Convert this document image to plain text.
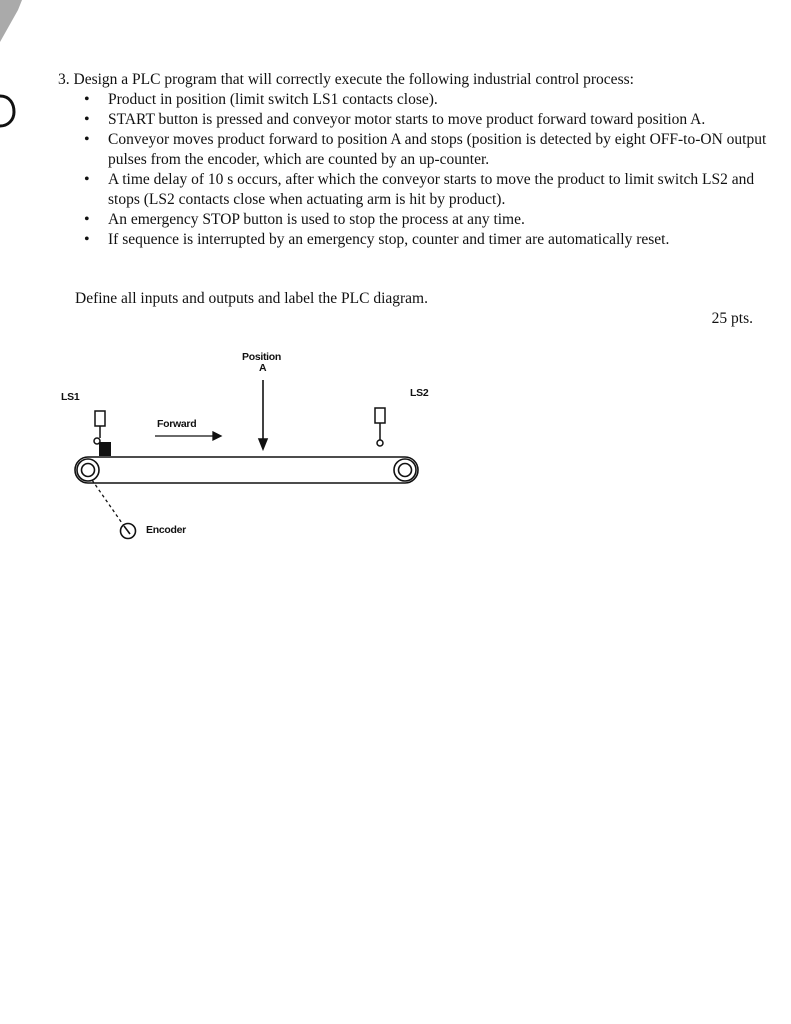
3. Design a PLC program that will correctly execute the following industrial control process:
• Product in position (limit switch LS1 contacts close).
• START button is pressed and conveyor motor starts to move product forward toward position A.
• Conveyor moves product forward to position A and stops (position is detected by eight OFF-to-ON output pulses from the encoder, which are counted by an up-counter.
• A time delay of 10 s occurs, after which the conveyor starts to move the product to limit switch LS2 and stops (LS2 contacts close when actuating arm is hit by product).
• An emergency STOP button is used to stop the process at any time.
• If sequence is interrupted by an emergency stop, counter and timer are automatically reset.
Define all inputs and outputs and label the PLC diagram.
25 pts.
Position
A
LS1	LS2
Forward
Encoder
